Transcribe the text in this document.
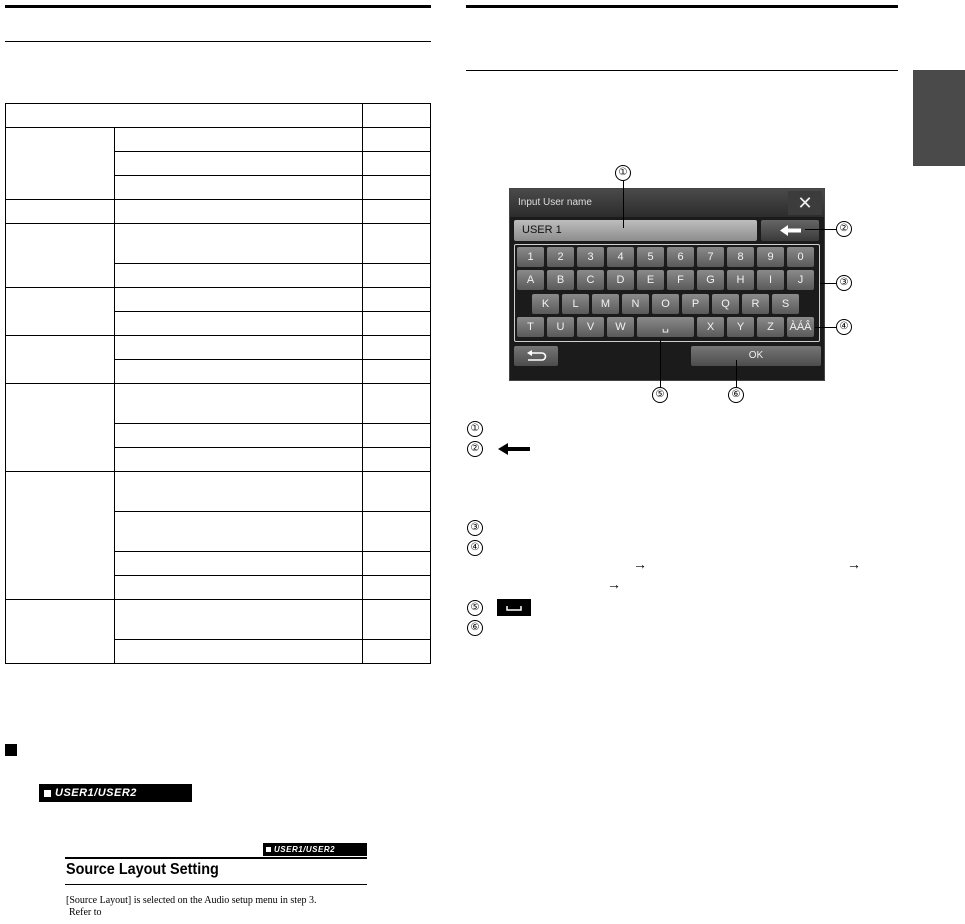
USER1/USER2
USER1/USER2
Source Layout Setting
[Source Layout] is selected on the Audio setup menu in step 3.
Refer to
Input User name	✕
USER 1
1	2	3	4	5	6	7	8	9	0
A	B	C	D	E	F	G	H	I	J
K	L	M	N	O	P	Q	R	S
T	U	V	W	␣	X	Y	Z	ÀÁÂ
OK
①
②
③
④
⑤	⑥
①
②
③
④
→	→
→
⑤
⑥
